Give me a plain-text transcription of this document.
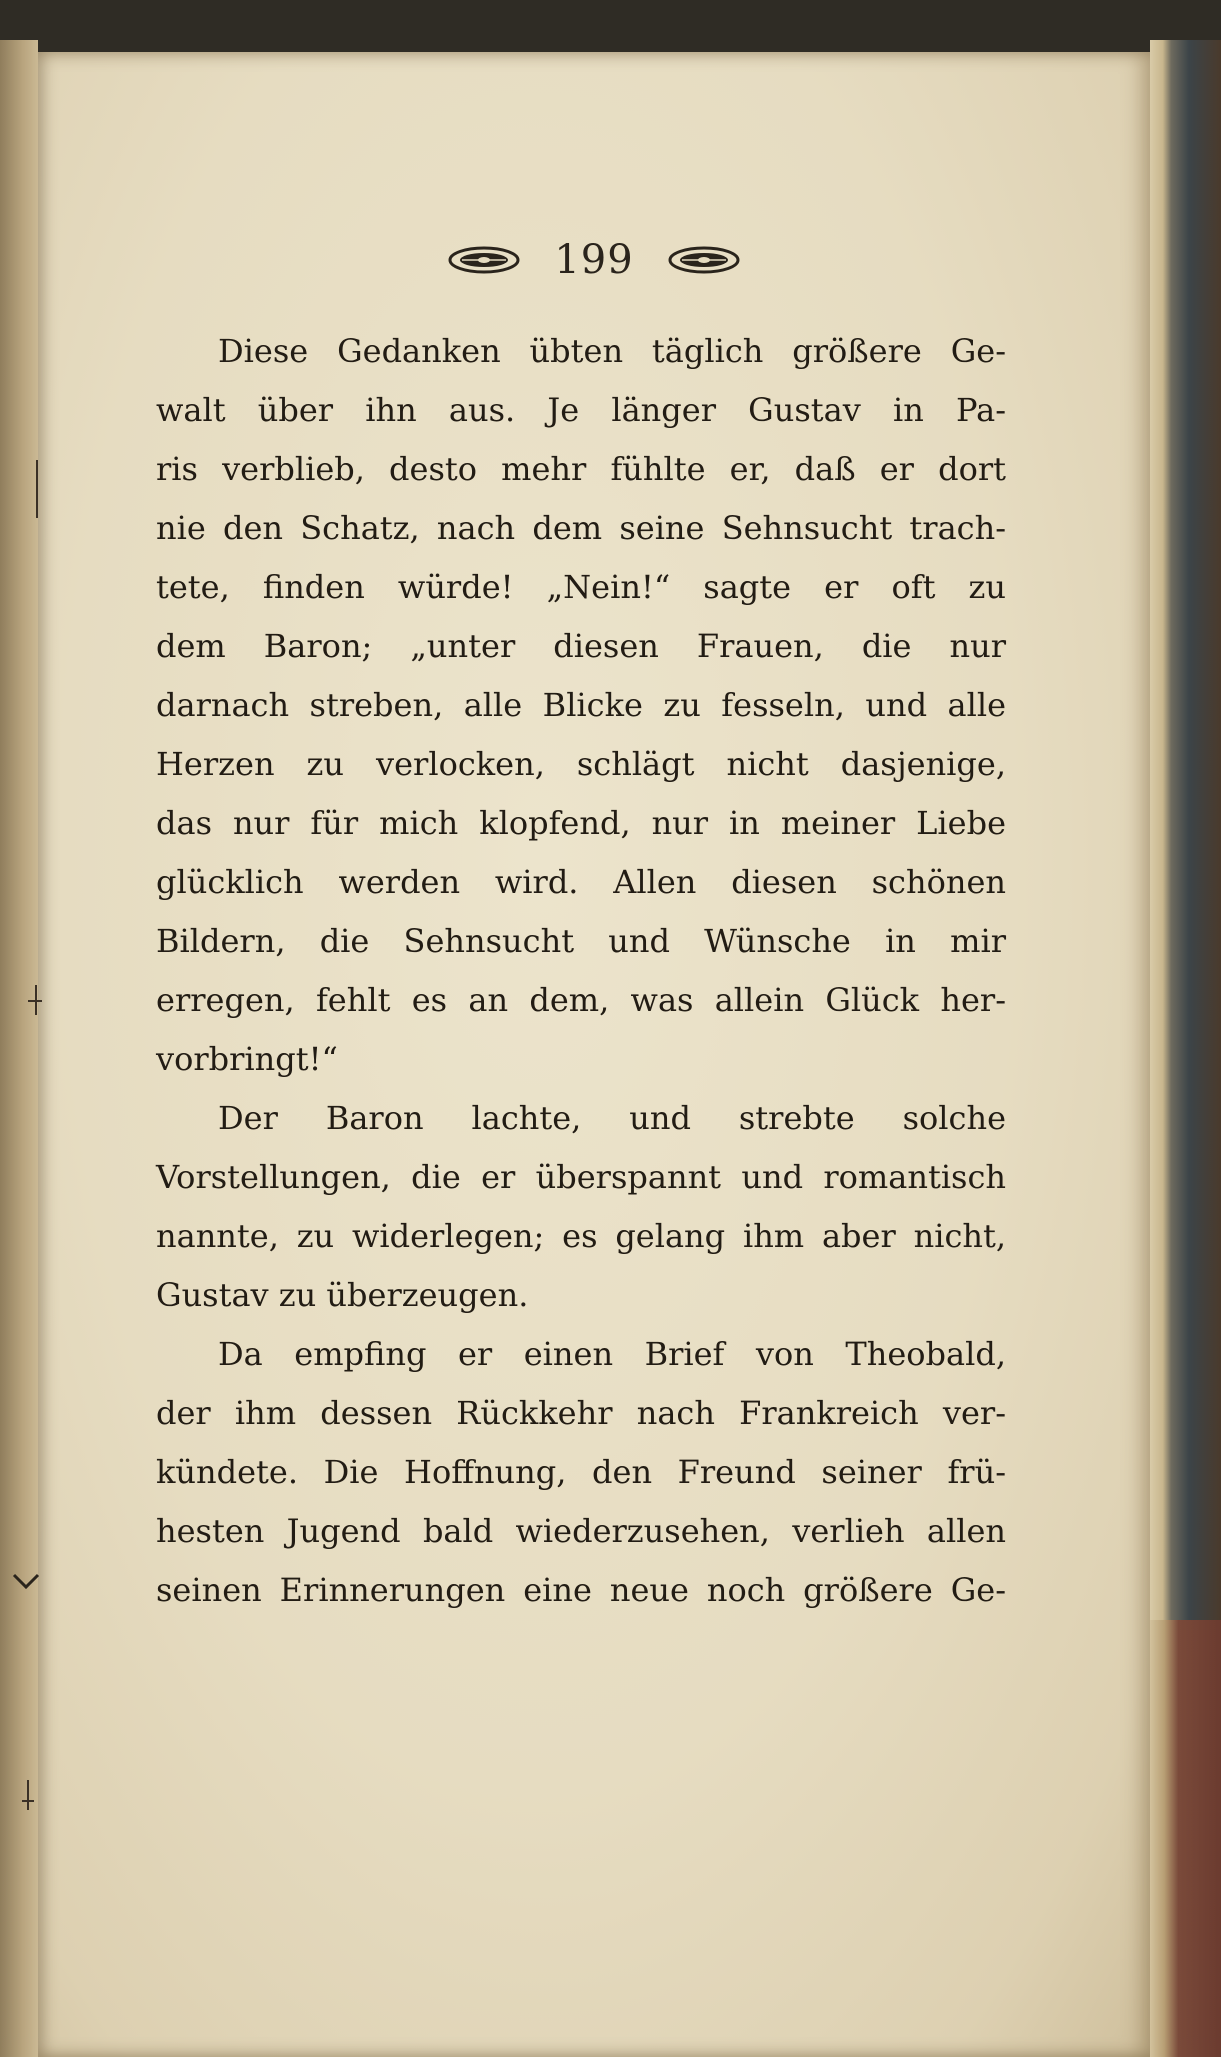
199
Diese Gedanken übten täglich größere Ge-
walt über ihn aus. Je länger Gustav in Pa-
ris verblieb, desto mehr fühlte er, daß er dort
nie den Schatz, nach dem seine Sehnsucht trach-
tete, finden würde! „Nein!“ sagte er oft zu
dem Baron; „unter diesen Frauen, die nur
darnach streben, alle Blicke zu fesseln, und alle
Herzen zu verlocken, schlägt nicht dasjenige,
das nur für mich klopfend, nur in meiner Liebe
glücklich werden wird. Allen diesen schönen
Bildern, die Sehnsucht und Wünsche in mir
erregen, fehlt es an dem, was allein Glück her-
vorbringt!“
Der Baron lachte, und strebte solche
Vorstellungen, die er überspannt und romantisch
nannte, zu widerlegen; es gelang ihm aber nicht,
Gustav zu überzeugen.
Da empfing er einen Brief von Theobald,
der ihm dessen Rückkehr nach Frankreich ver-
kündete. Die Hoffnung, den Freund seiner frü-
hesten Jugend bald wiederzusehen, verlieh allen
seinen Erinnerungen eine neue noch größere Ge-
